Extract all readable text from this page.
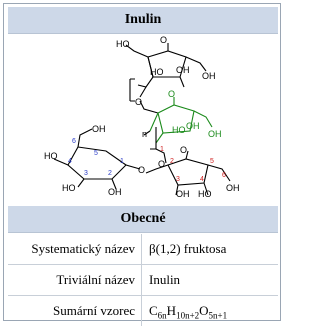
Inulin
HO	O
OH
HO	OH
O
n
O
O
OH HO
OH
OH
HO
HO	OH
O
O
HO OH
OH
6
4
5
3	2
1
1
2
3	4
5
6
Obecné
Systematický název	β(1,2) fruktosa
Triviální název	Inulin
Sumární vzorec	$C_{6n}H_{10n+2}O_{5n+1}$
